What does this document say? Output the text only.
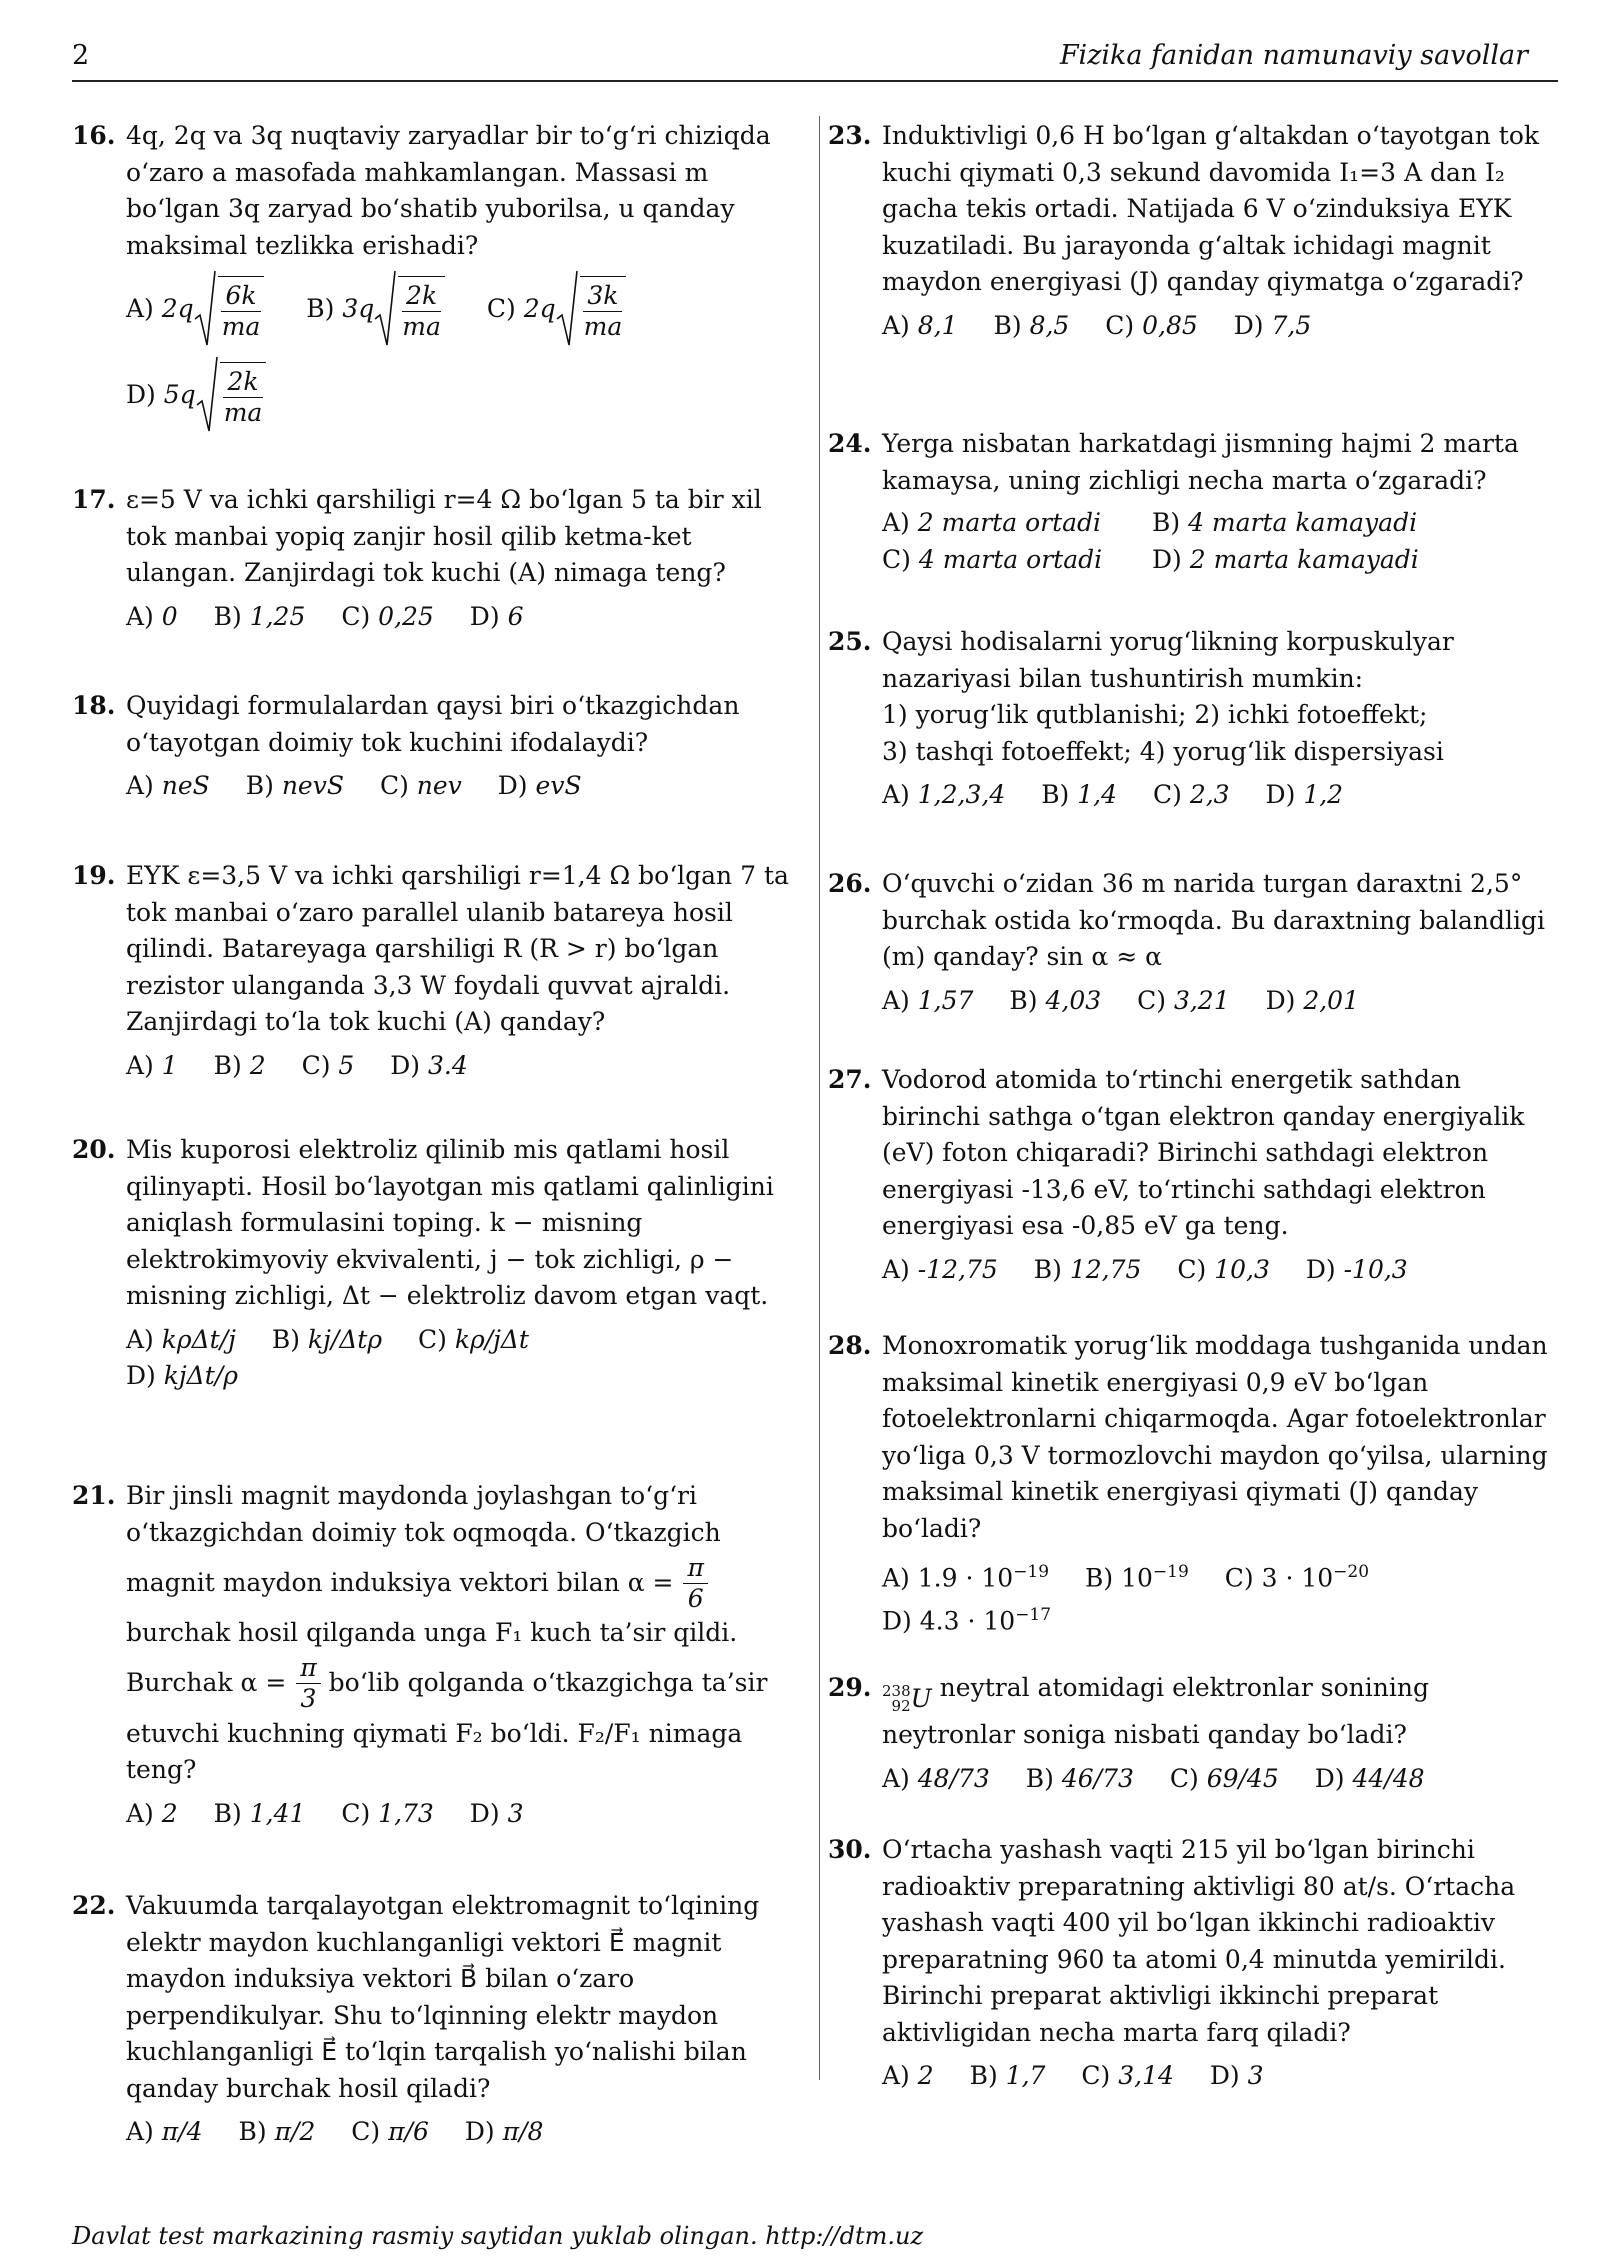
2	Fizika fanidan namunaviy savollar
16. 4q, 2q va 3q nuqtaviy zaryadlar bir to‘g‘ri chiziqda o‘zaro a masofada mahkamlangan. Massasi m bo‘lgan 3q zaryad bo‘shatib yuborilsa, u qanday maksimal tezlikka erishadi?
A)
$2q \frac{6k}{ma}$
B)
$3q \frac{2k}{ma}$
C)
$2q \frac{3k}{ma}$

D)
$5q \frac{2k}{ma}$
17. ε=5 V va ichki qarshiligi r=4 Ω bo‘lgan 5 ta bir xil tok manbai yopiq zanjir hosil qilib ketma-ket ulangan. Zanjirdagi tok kuchi (A) nimaga teng?
A) 0 B) 1,25 C) 0,25 D) 6
18. Quyidagi formulalardan qaysi biri o‘tkazgichdan o‘tayotgan doimiy tok kuchini ifodalaydi?
A) neS B) nevS C) nev D) evS
19. EYK ε=3,5 V va ichki qarshiligi r=1,4 Ω bo‘lgan 7 ta tok manbai o‘zaro parallel ulanib batareya hosil qilindi. Batareyaga qarshiligi R (R > r) bo‘lgan rezistor ulanganda 3,3 W foydali quvvat ajraldi. Zanjirdagi to‘la tok kuchi (A) qanday?
A) 1 B) 2 C) 5 D) 3.4
20. Mis kuporosi elektroliz qilinib mis qatlami hosil qilinyapti. Hosil bo‘layotgan mis qatlami qalinligini aniqlash formulasini toping. k − misning elektrokimyoviy ekvivalenti, j − tok zichligi, ρ − misning zichligi, Δt − elektroliz davom etgan vaqt.
A) kρΔt/j B) kj/Δtρ C) kρ/jΔt
D) kjΔt/ρ
21. Bir jinsli magnit maydonda joylashgan to‘g‘ri o‘tkazgichdan doimiy tok oqmoqda. O‘tkazgich

magnit maydon induksiya vektori bilan α =
$\frac{\pi}{6}$

burchak hosil qilganda unga F₁ kuch ta’sir qildi.

Burchak α =
$\frac{\pi}{3}$
bo‘lib qolganda o‘tkazgichga ta’sir

etuvchi kuchning qiymati F₂ bo‘ldi. F₂/F₁ nimaga teng?

A) 2 B) 1,41 C) 1,73 D) 3
22. Vakuumda tarqalayotgan elektromagnit to‘lqining elektr maydon kuchlanganligi vektori E⃗ magnit maydon induksiya vektori B⃗ bilan o‘zaro perpendikulyar. Shu to‘lqinning elektr maydon kuchlanganligi E⃗ to‘lqin tarqalish yo‘nalishi bilan qanday burchak hosil qiladi?
A) π/4 B) π/2 C) π/6 D) π/8
23. Induktivligi 0,6 H bo‘lgan g‘altakdan o‘tayotgan tok kuchi qiymati 0,3 sekund davomida I₁=3 A dan I₂ gacha tekis ortadi. Natijada 6 V o‘zinduksiya EYK kuzatiladi. Bu jarayonda g‘altak ichidagi magnit maydon energiyasi (J) qanday qiymatga o‘zgaradi?
A) 8,1 B) 8,5 C) 0,85 D) 7,5
24. Yerga nisbatan harkatdagi jismning hajmi 2 marta kamaysa, uning zichligi necha marta o‘zgaradi?
A) 2 marta ortadi	B) 4 marta kamayadi
C) 4 marta ortadi	D) 2 marta kamayadi
25. Qaysi hodisalarni yorug‘likning korpuskulyar nazariyasi bilan tushuntirish mumkin:

1) yorug‘lik qutblanishi; 2) ichki fotoeffekt;

3) tashqi fotoeffekt; 4) yorug‘lik dispersiyasi

A) 1,2,3,4 B) 1,4 C) 2,3 D) 1,2
26. O‘quvchi o‘zidan 36 m narida turgan daraxtni 2,5° burchak ostida ko‘rmoqda. Bu daraxtning balandligi (m) qanday? sin α ≈ α
A) 1,57 B) 4,03 C) 3,21 D) 2,01
27. Vodorod atomida to‘rtinchi energetik sathdan birinchi sathga o‘tgan elektron qanday energiyalik (eV) foton chiqaradi? Birinchi sathdagi elektron energiyasi -13,6 eV, to‘rtinchi sathdagi elektron energiyasi esa -0,85 eV ga teng.
A) -12,75 B) 12,75 C) 10,3 D) -10,3
28. Monoxromatik yorug‘lik moddaga tushganida undan maksimal kinetik energiyasi 0,9 eV bo‘lgan fotoelektronlarni chiqarmoqda. Agar fotoelektronlar yo‘liga 0,3 V tormozlovchi maydon qo‘yilsa, ularning maksimal kinetik energiyasi qiymati (J) qanday bo‘ladi?
A) $1.9 \cdot 10^{-19}$ B) $10^{-19}$ C) $3 \cdot 10^{-20}$
D) $4.3 \cdot 10^{-17}$
29. 238
92 U neytral atomidagi elektronlar sonining neytronlar soniga nisbati qanday bo‘ladi?
A) 48/73 B) 46/73 C) 69/45 D) 44/48
30. O‘rtacha yashash vaqti 215 yil bo‘lgan birinchi radioaktiv preparatning aktivligi 80 at/s. O‘rtacha yashash vaqti 400 yil bo‘lgan ikkinchi radioaktiv preparatning 960 ta atomi 0,4 minutda yemirildi. Birinchi preparat aktivligi ikkinchi preparat aktivligidan necha marta farq qiladi?
A) 2 B) 1,7 C) 3,14 D) 3
Davlat test markazining rasmiy saytidan yuklab olingan. http://dtm.uz
